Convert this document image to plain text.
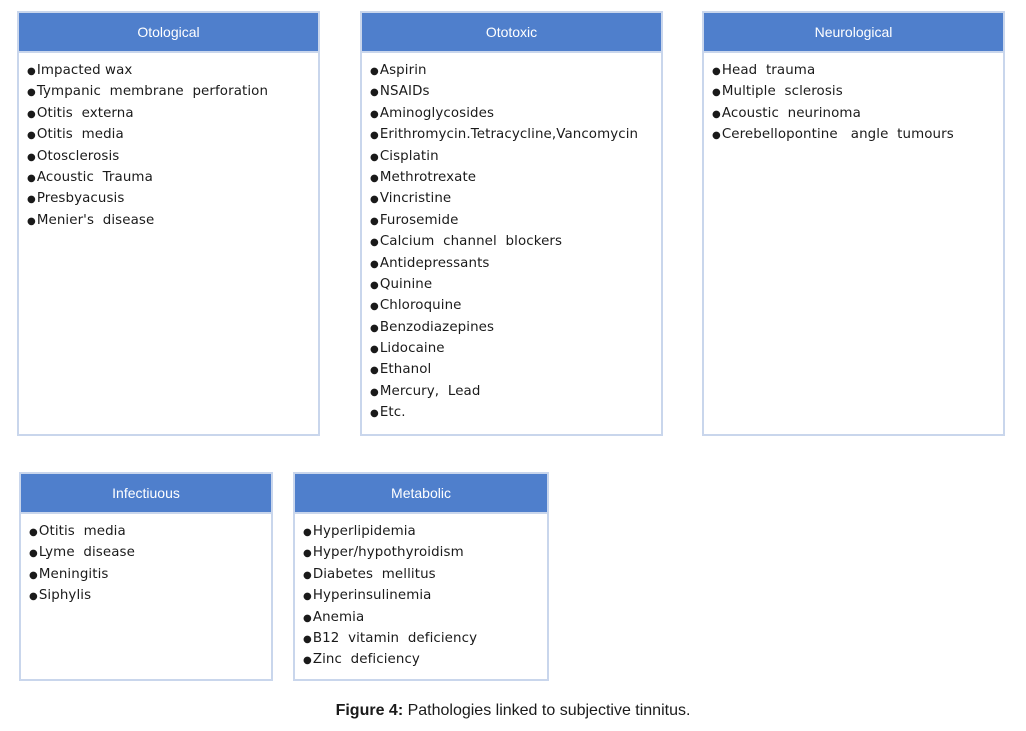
Otological
●Impacted wax
●Tympanic  membrane  perforation
●Otitis  externa
●Otitis  media
●Otosclerosis
●Acoustic  Trauma
●Presbyacusis
●Menier's  disease
Ototoxic
●Aspirin
●NSAIDs
●Aminoglycosides
●Erithromycin.Tetracycline,Vancomycin
●Cisplatin
●Methrotrexate
●Vincristine
●Furosemide
●Calcium  channel  blockers
●Antidepressants
●Quinine
●Chloroquine
●Benzodiazepines
●Lidocaine
●Ethanol
●Mercury,  Lead
●Etc.
Neurological
●Head  trauma
●Multiple  sclerosis
●Acoustic  neurinoma
●Cerebellopontine   angle  tumours
Infectiuous
●Otitis  media
●Lyme  disease
●Meningitis
●Siphylis
Metabolic
●Hyperlipidemia
●Hyper/hypothyroidism
●Diabetes  mellitus
●Hyperinsulinemia
●Anemia
●B12  vitamin  deficiency
●Zinc  deficiency
Figure 4: Pathologies linked to subjective tinnitus.
